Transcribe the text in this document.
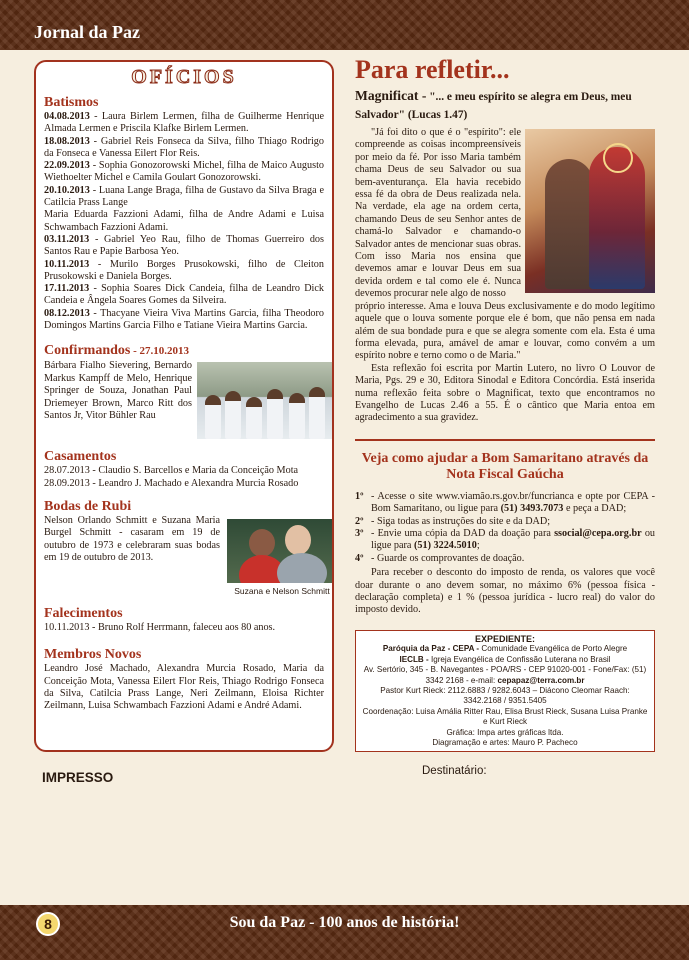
Jornal da Paz
OFÍCIOS
Batismos

04.08.2013 - Laura Birlem Lermen, filha de Guilherme Henrique Almada Lermen e Priscila Klafke Birlem Lermen.

18.08.2013 - Gabriel Reis Fonseca da Silva, filho Thiago Rodrigo da Fonseca e Vanessa Eilert Flor Reis.

22.09.2013 - Sophia Gonozorowski Michel, filha de Maico Augusto Wiethoelter Michel e Camila Goulart Gonozorowski.

20.10.2013 - Luana Lange Braga, filha de Gustavo da Silva Braga e Catilcia Prass Lange

Maria Eduarda Fazzioni Adami, filha de Andre Adami e Luisa Schwambach Fazzioni Adami.

03.11.2013 - Gabriel Yeo Rau, filho de Thomas Guerreiro dos Santos Rau e Papie Barbosa Yeo.

10.11.2013 - Murilo Borges Prusokowski, filho de Cleiton Prusokowski e Daniela Borges.

17.11.2013 - Sophia Soares Dick Candeia, filha de Leandro Dick Candeia e Ângela Soares Gomes da Silveira.

08.12.2013 - Thacyane Vieira Viva Martins Garcia, filha Theodoro Domingos Martins Garcia Filho e Tatiane Vieira Martins Garcia.

Confirmandos - 27.10.2013
Bárbara Fialho Sievering, Bernardo Markus Kampff de Melo, Henrique Springer de Souza, Jonathan Paul Driemeyer Brown, Marco Ritt dos Santos Jr, Vitor Bühler Rau
Casamentos
28.07.2013 - Claudio S. Barcellos e Maria da Conceição Mota
28.09.2013 - Leandro J. Machado e Alexandra Murcia Rosado
Bodas de Rubi
Nelson Orlando Schmitt e Suzana Maria Burgel Schmitt - casaram em 19 de outubro de 1973 e celebraram suas bodas em 19 de outubro de 2013.
Suzana e Nelson Schmitt
Falecimentos
10.11.2013 - Bruno Rolf Herrmann, faleceu aos 80 anos.
Membros Novos
Leandro José Machado, Alexandra Murcia Rosado, Maria da Conceição Mota, Vanessa Eilert Flor Reis, Thiago Rodrigo Fonseca da Silva, Catilcia Prass Lange, Neri Zeilmann, Eloisa Richter Zeilmann, Luisa Schwambach Fazzioni Adami e André Adami.
Para refletir...
Magnificat - "... e meu espírito se alegra em Deus, meu Salvador" (Lucas 1.47)

"Já foi dito o que é o "espírito": ele compreende as coisas incompreensíveis por meio da fé. Por isso Maria também chama Deus de seu Salvador ou sua bem-aventurança. Ela havia recebido essa fé da obra de Deus realizada nela. Na verdade, ela age na ordem certa, chamando Deus de seu Senhor antes de chamá-lo Salvador e chamando-o Salvador antes de mencionar suas obras. Com isso Maria nos ensina que devemos amar e louvar Deus em sua devida ordem e tal como ele é. Nunca devemos procurar nele algo de nosso

próprio interesse. Ama e louva Deus exclusivamente e do modo legítimo aquele que o louva somente porque ele é bom, que não pensa em nada além de sua bondade pura e que se alegra somente com ela. Esta é uma forma elevada, pura, amável de amar e louvar, como convém a um espírito nobre e terno como o de Maria."

Esta reflexão foi escrita por Martin Lutero, no livro O Louvor de Maria, Pgs. 29 e 30, Editora Sinodal e Editora Concórdia. Está inserida numa reflexão feita sobre o Magnificat, texto que encontramos no Evangelho de Lucas 2.46 a 55. É o cântico que Maria entoa em agradecimento a sua gravidez.

Veja como ajudar a Bom Samaritano através da Nota Fiscal Gaúcha
1º - Acesse o site www.viamão.rs.gov.br/funcrianca e opte por CEPA - Bom Samaritano, ou ligue para (51) 3493.7073 e peça a DAD;
2º - Siga todas as instruções do site e da DAD;
3º - Envie uma cópia da DAD da doação para ssocial@cepa.org.br ou ligue para (51) 3224.5010;
4º - Guarde os comprovantes de doação.

Para receber o desconto do imposto de renda, os valores que você doar durante o ano devem somar, no máximo 6% (pessoa física - declaração completa) e 1 % (pessoa jurídica - lucro real) do valor do imposto devido.

EXPEDIENTE:
Paróquia da Paz - CEPA - Comunidade Evangélica de Porto Alegre
IECLB - Igreja Evangélica de Confissão Luterana no Brasil
Av. Sertório, 345 - B. Navegantes - POA/RS - CEP 91020-001 - Fone/Fax: (51) 3342 2168 - e-mail: cepapaz@terra.com.br
Pastor Kurt Rieck: 2112.6883 / 9282.6043 – Diácono Cleomar Raach: 3342.2168 / 9351.5405
Coordenação: Luisa Amália Ritter Rau, Elisa Brust Rieck, Susana Luisa Pranke e Kurt Rieck
Gráfica: Impa artes gráficas ltda.
Diagramação e artes: Mauro P. Pacheco
IMPRESSO	Destinatário:
8	Sou da Paz - 100 anos de história!
